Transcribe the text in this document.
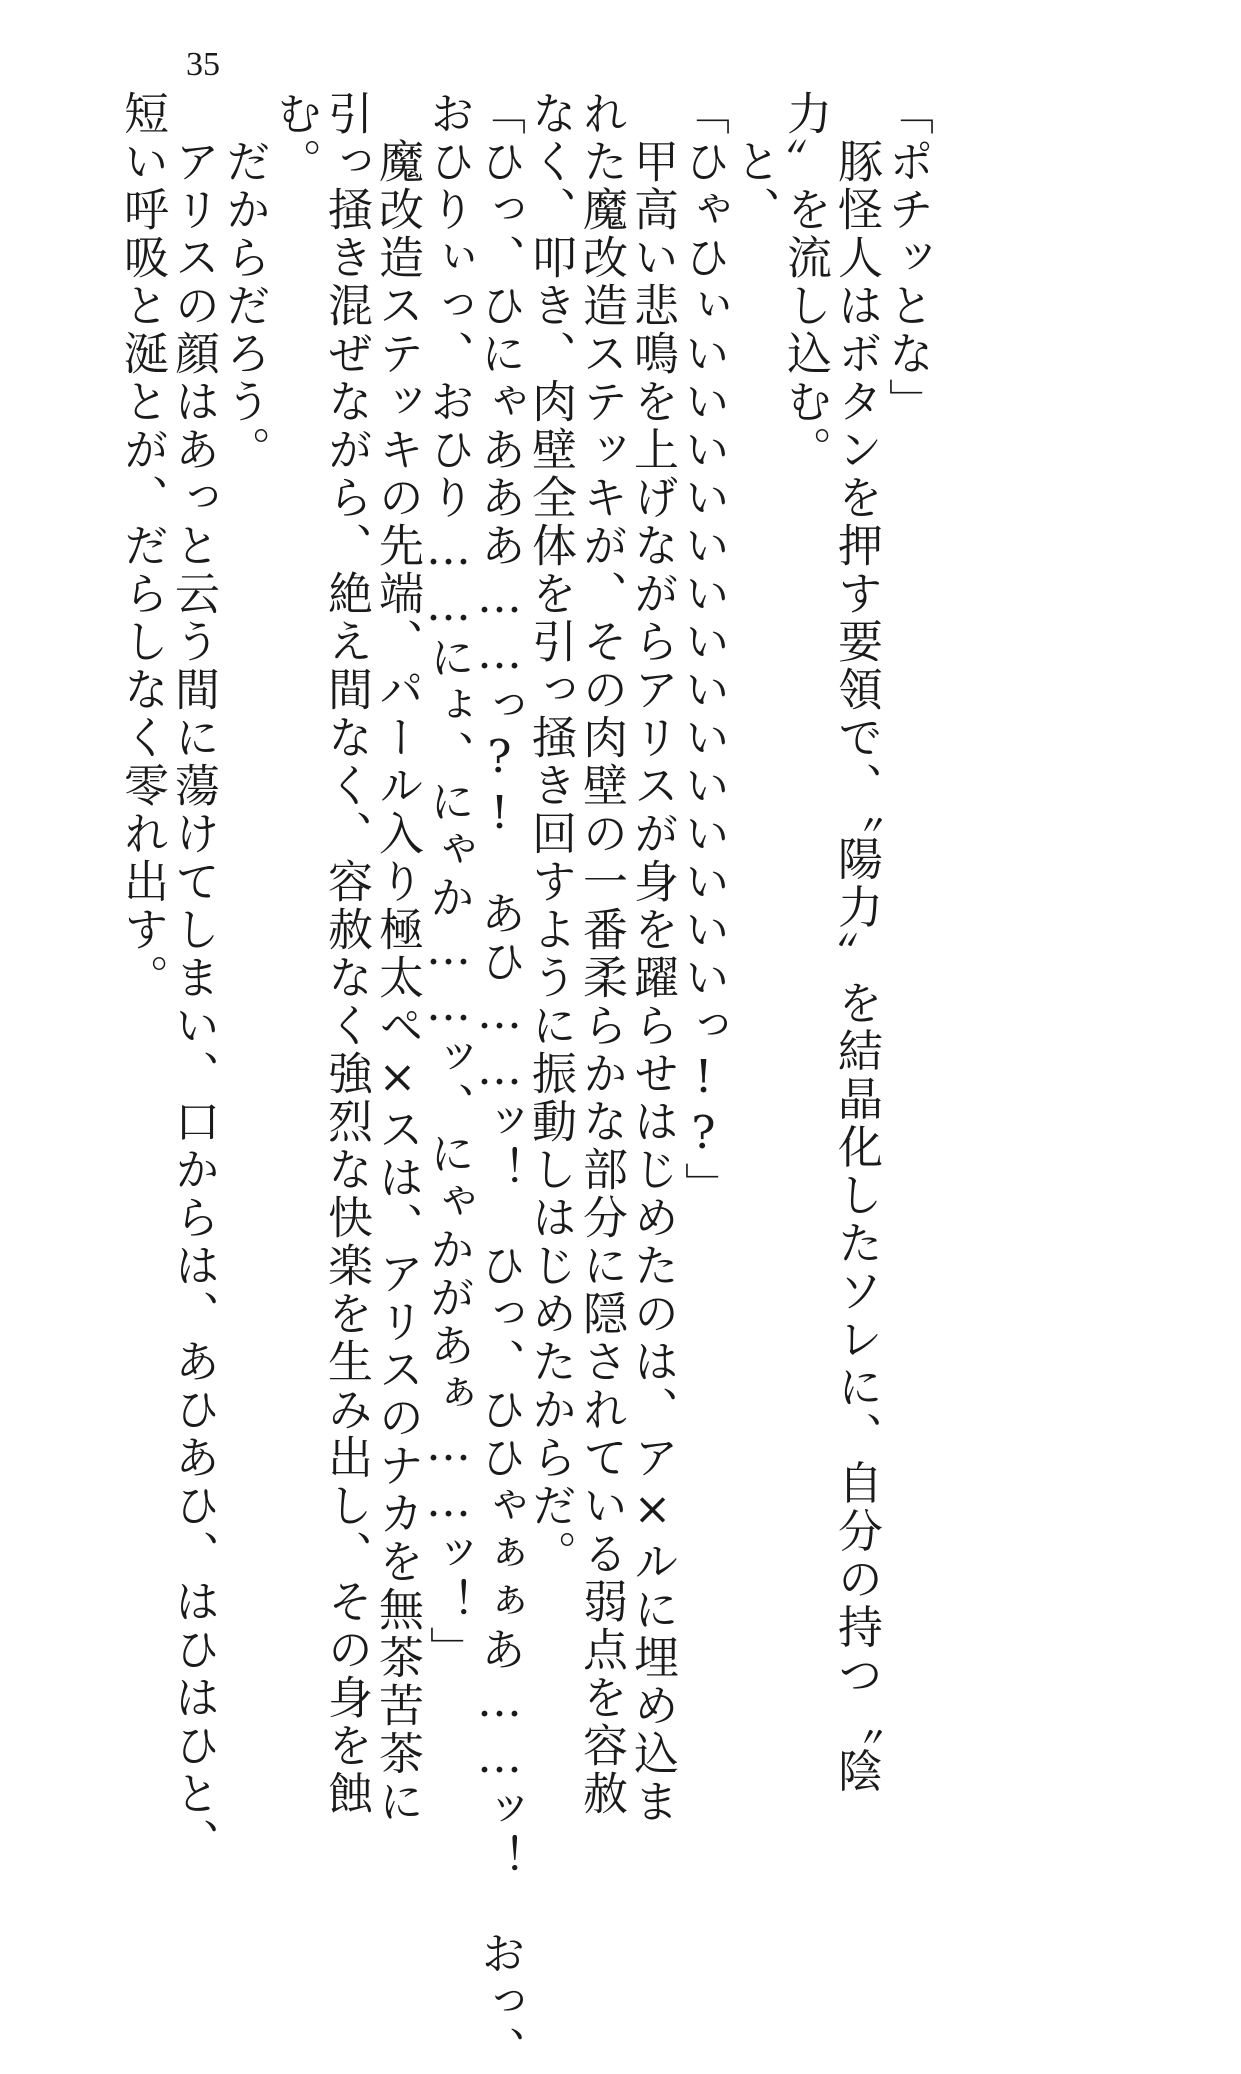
35
「ポチッとな」
　豚怪人はボタンを押す要領で、〝陽力〟を結晶化したソレに、自分の持つ〝陰
力〟を流し込む。
　と、
「ひゃひぃいいいいいいいいいいいいいいっ!?」
　甲高い悲鳴を上げながらアリスが身を躍らせはじめたのは、ア×ルに埋め込ま
れた魔改造ステッキが、その肉壁の一番柔らかな部分に隠されている弱点を容赦
なく、叩き、肉壁全体を引っ掻き回すように振動しはじめたからだ。
「ひっ、ひにゃあああ……っ?!　あひ……ッ！　ひっ、ひひゃぁぁあ……ッ！　おっ、
おひりぃっ、おひり……にょ、にゃか……ッ、にゃかがあぁ……ッ！」
　魔改造ステッキの先端、パール入り極太ペ×スは、アリスのナカを無茶苦茶に
引っ掻き混ぜながら、絶え間なく、容赦なく強烈な快楽を生み出し、その身を蝕
む。
　だからだろう。
　アリスの顔はあっと云う間に蕩けてしまい、口からは、あひあひ、はひはひと、
短い呼吸と涎とが、だらしなく零れ出す。
